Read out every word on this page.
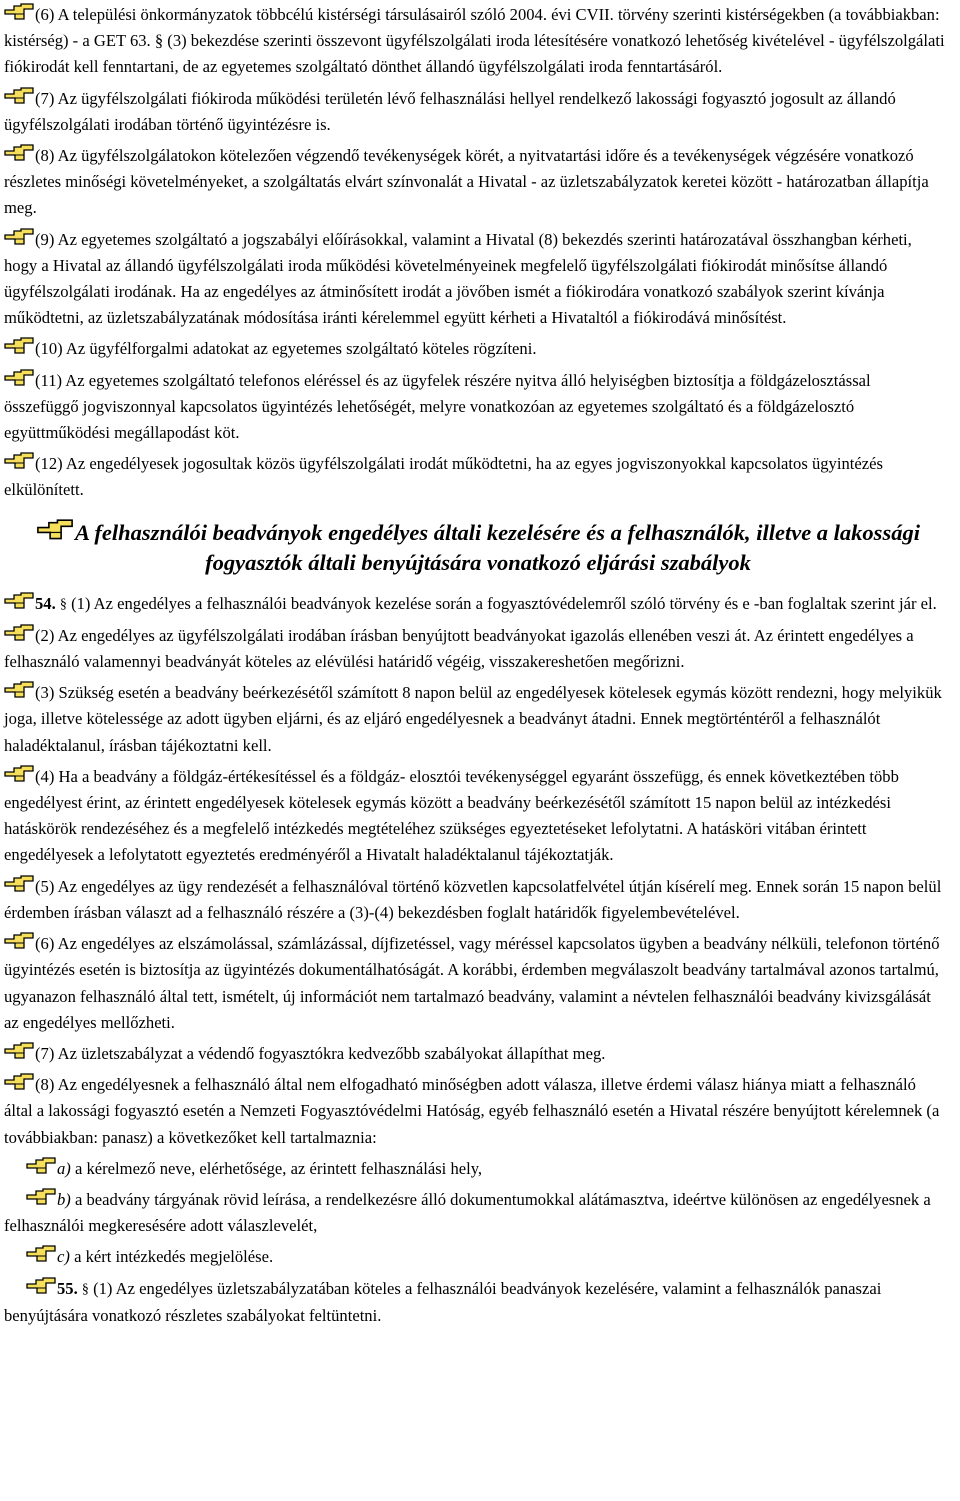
(6) A települési önkormányzatok többcélú kistérségi társulásairól szóló 2004. évi CVII. törvény szerinti kistérségekben (a továbbiakban: kistérség) - a GET 63. § (3) bekezdése szerinti összevont ügyfélszolgálati iroda létesítésére vonatkozó lehetőség kivételével - ügyfélszolgálati fiókirodát kell fenntartani, de az egyetemes szolgáltató dönthet állandó ügyfélszolgálati iroda fenntartásáról.

(7) Az ügyfélszolgálati fiókiroda működési területén lévő felhasználási hellyel rendelkező lakossági fogyasztó jogosult az állandó ügyfélszolgálati irodában történő ügyintézésre is.

(8) Az ügyfélszolgálatokon kötelezően végzendő tevékenységek körét, a nyitvatartási időre és a tevékenységek végzésére vonatkozó részletes minőségi követelményeket, a szolgáltatás elvárt színvonalát a Hivatal - az üzletszabályzatok keretei között - határozatban állapítja meg.

(9) Az egyetemes szolgáltató a jogszabályi előírásokkal, valamint a Hivatal (8) bekezdés szerinti határozatával összhangban kérheti, hogy a Hivatal az állandó ügyfélszolgálati iroda működési követelményeinek megfelelő ügyfélszolgálati fiókirodát minősítse állandó ügyfélszolgálati irodának. Ha az engedélyes az átminősített irodát a jövőben ismét a fiókirodára vonatkozó szabályok szerint kívánja működtetni, az üzletszabályzatának módosítása iránti kérelemmel együtt kérheti a Hivataltól a fiókirodává minősítést.

(10) Az ügyfélforgalmi adatokat az egyetemes szolgáltató köteles rögzíteni.

(11) Az egyetemes szolgáltató telefonos eléréssel és az ügyfelek részére nyitva álló helyiségben biztosítja a földgázelosztással összefüggő jogviszonnyal kapcsolatos ügyintézés lehetőségét, melyre vonatkozóan az egyetemes szolgáltató és a földgázelosztó együttműködési megállapodást köt.

(12) Az engedélyesek jogosultak közös ügyfélszolgálati irodát működtetni, ha az egyes jogviszonyokkal kapcsolatos ügyintézés elkülönített.

A felhasználói beadványok engedélyes általi kezelésére és a felhasználók, illetve a lakossági fogyasztók általi benyújtására vonatkozó eljárási szabályok

54. § (1) Az engedélyes a felhasználói beadványok kezelése során a fogyasztóvédelemről szóló törvény és e -ban foglaltak szerint jár el.

(2) Az engedélyes az ügyfélszolgálati irodában írásban benyújtott beadványokat igazolás ellenében veszi át. Az érintett engedélyes a felhasználó valamennyi beadványát köteles az elévülési határidő végéig, visszakereshetően megőrizni.

(3) Szükség esetén a beadvány beérkezésétől számított 8 napon belül az engedélyesek kötelesek egymás között rendezni, hogy melyikük joga, illetve kötelessége az adott ügyben eljárni, és az eljáró engedélyesnek a beadványt átadni. Ennek megtörténtéről a felhasználót haladéktalanul, írásban tájékoztatni kell.

(4) Ha a beadvány a földgáz-értékesítéssel és a földgáz- elosztói tevékenységgel egyaránt összefügg, és ennek következtében több engedélyest érint, az érintett engedélyesek kötelesek egymás között a beadvány beérkezésétől számított 15 napon belül az intézkedési hatáskörök rendezéséhez és a megfelelő intézkedés megtételéhez szükséges egyeztetéseket lefolytatni. A hatásköri vitában érintett engedélyesek a lefolytatott egyeztetés eredményéről a Hivatalt haladéktalanul tájékoztatják.

(5) Az engedélyes az ügy rendezését a felhasználóval történő közvetlen kapcsolatfelvétel útján kísérelí meg. Ennek során 15 napon belül érdemben írásban választ ad a felhasználó részére a (3)-(4) bekezdésben foglalt határidők figyelembevételével.

(6) Az engedélyes az elszámolással, számlázással, díjfizetéssel, vagy méréssel kapcsolatos ügyben a beadvány nélküli, telefonon történő ügyintézés esetén is biztosítja az ügyintézés dokumentálhatóságát. A korábbi, érdemben megválaszolt beadvány tartalmával azonos tartalmú, ugyanazon felhasználó által tett, ismételt, új információt nem tartalmazó beadvány, valamint a névtelen felhasználói beadvány kivizsgálását az engedélyes mellőzheti.

(7) Az üzletszabályzat a védendő fogyasztókra kedvezőbb szabályokat állapíthat meg.

(8) Az engedélyesnek a felhasználó által nem elfogadható minőségben adott válasza, illetve érdemi válasz hiánya miatt a felhasználó által a lakossági fogyasztó esetén a Nemzeti Fogyasztóvédelmi Hatóság, egyéb felhasználó esetén a Hivatal részére benyújtott kérelemnek (a továbbiakban: panasz) a következőket kell tartalmaznia:

a) a kérelmező neve, elérhetősége, az érintett felhasználási hely,

b) a beadvány tárgyának rövid leírása, a rendelkezésre álló dokumentumokkal alátámasztva, ideértve különösen az engedélyesnek a felhasználói megkeresésére adott válaszlevelét,

c) a kért intézkedés megjelölése.

55. § (1) Az engedélyes üzletszabályzatában köteles a felhasználói beadványok kezelésére, valamint a felhasználók panaszai benyújtására vonatkozó részletes szabályokat feltüntetni.
